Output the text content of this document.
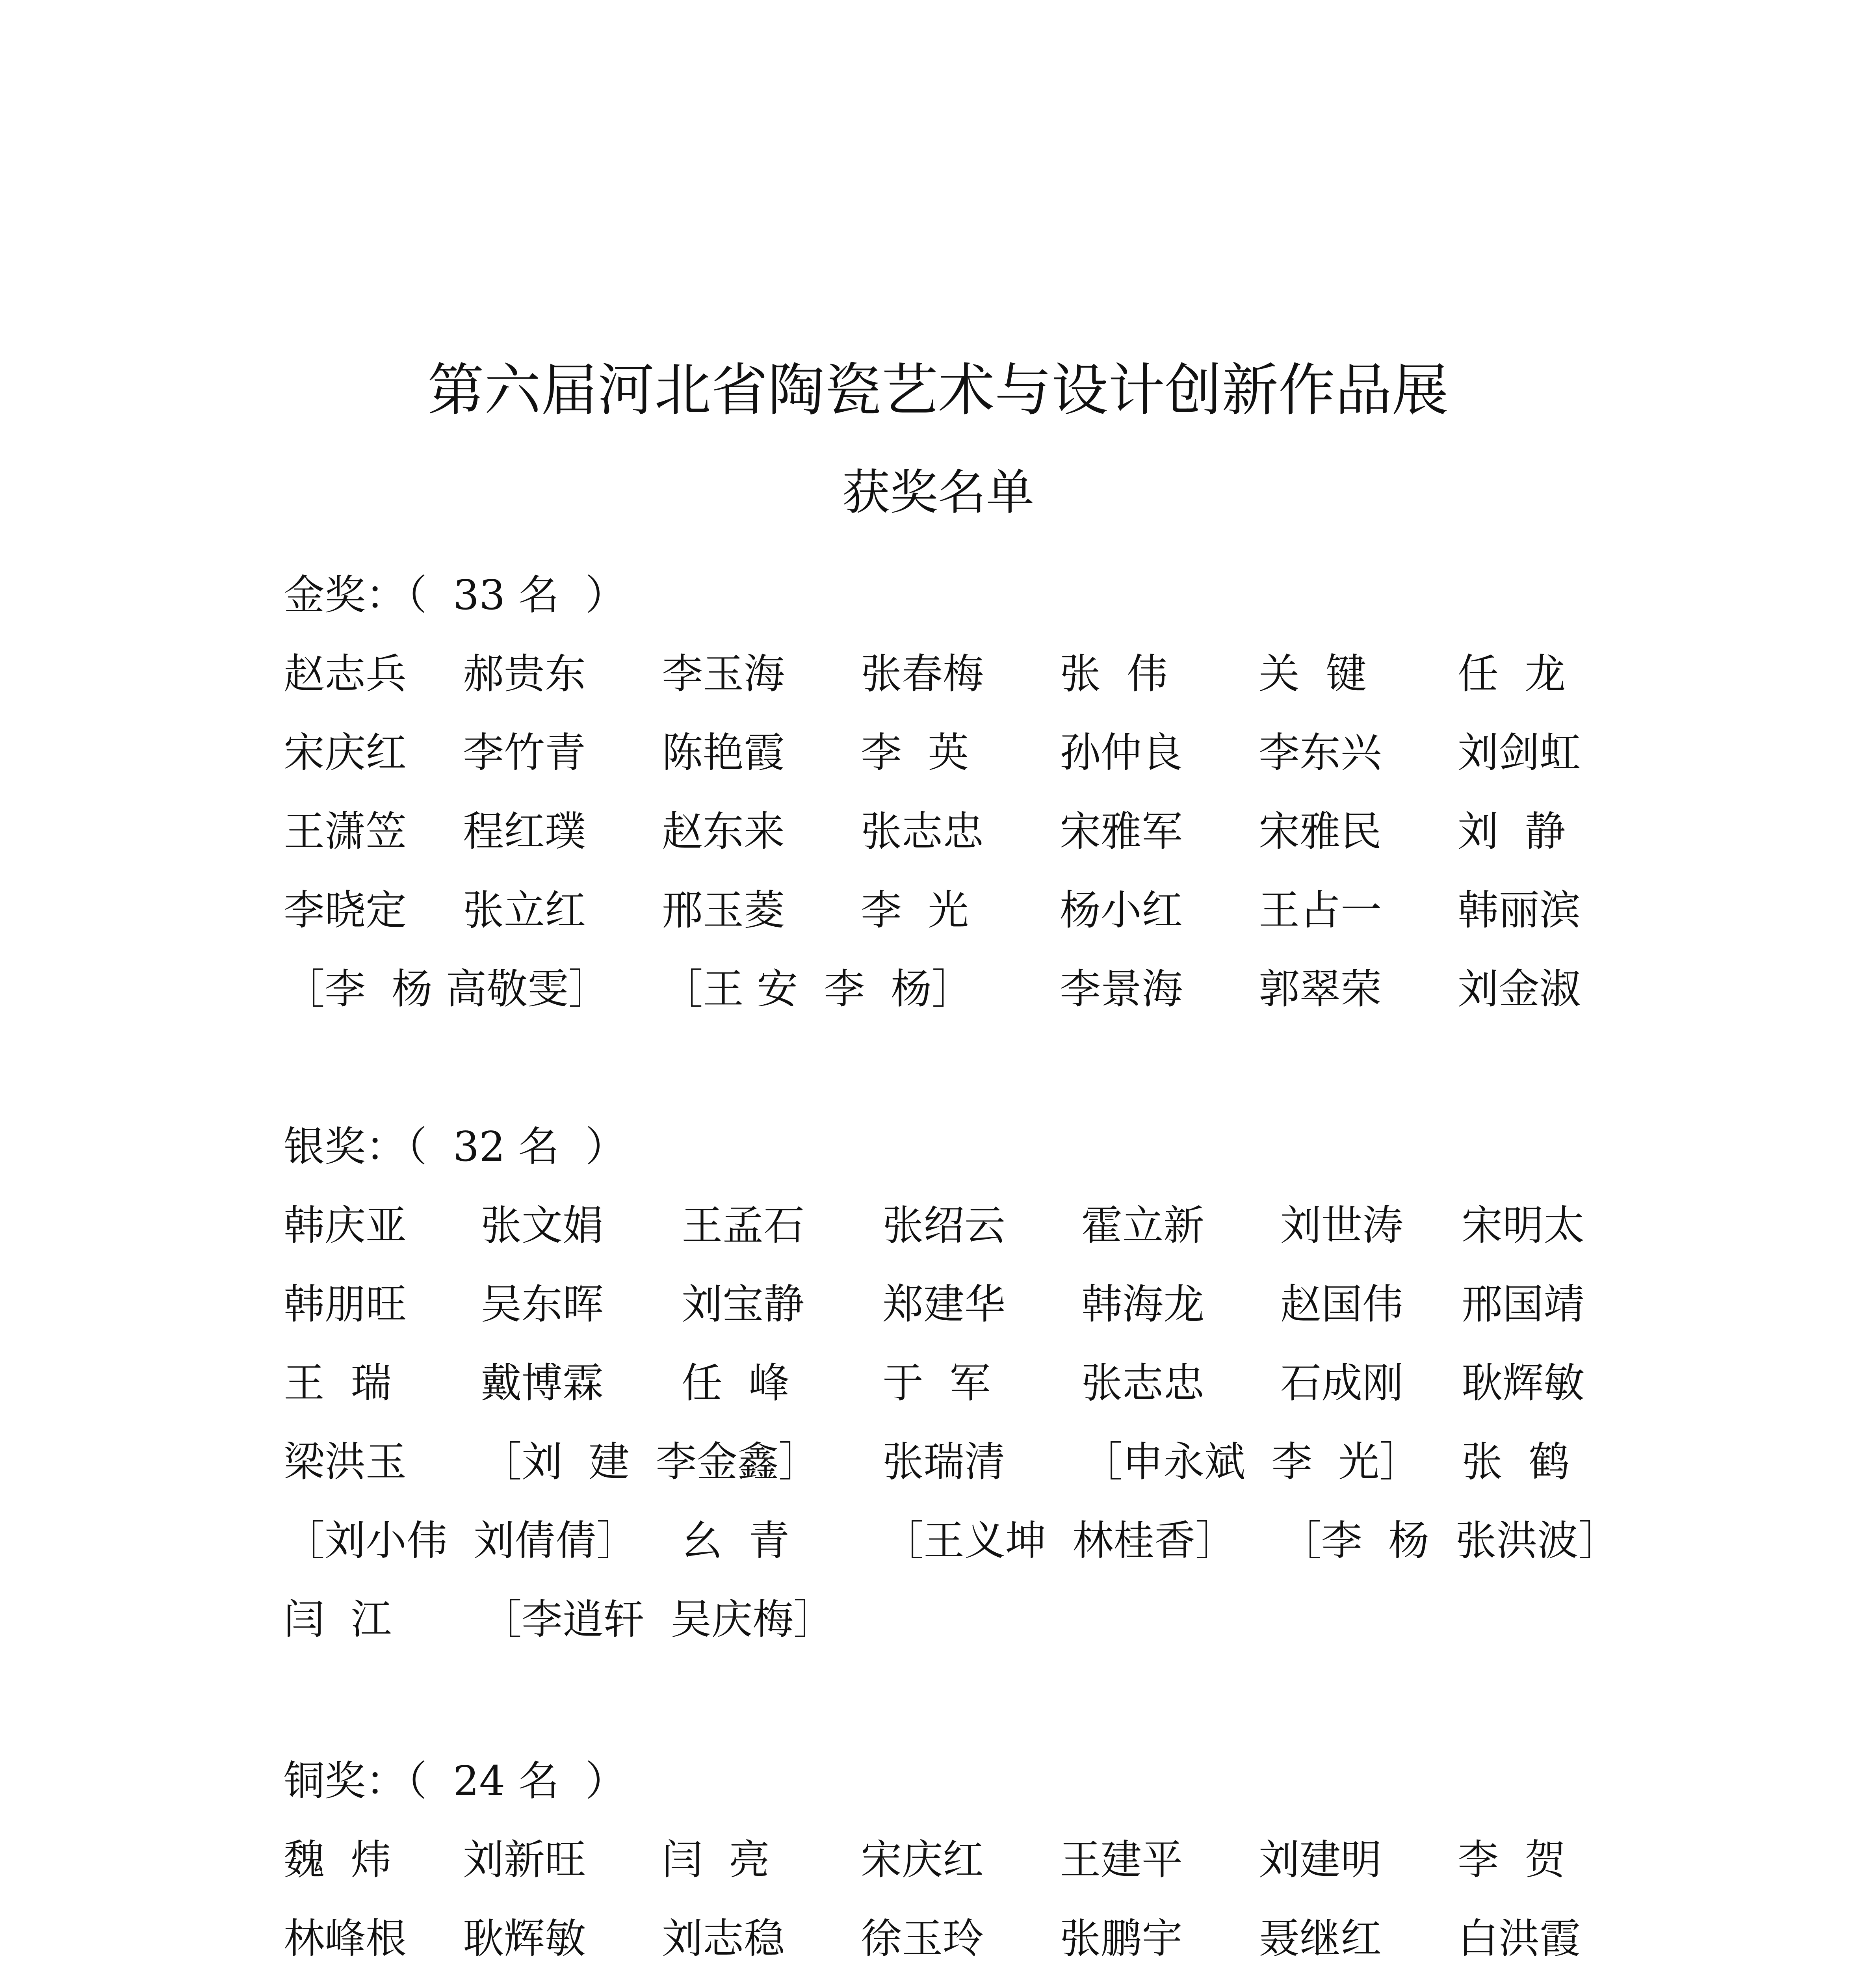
第六届河北省陶瓷艺术与设计创新作品展
获奖名单
金奖：（  33 名  ）
赵志兵 郝贵东 李玉海 张春梅 张  伟 关  键 任  龙
宋庆红 李竹青 陈艳霞 李  英 孙仲良 李东兴 刘剑虹
王潇笠 程红璞 赵东来 张志忠 宋雅军 宋雅民 刘  静
李晓定 张立红 邢玉菱 李  光 杨小红 王占一 韩丽滨
［李  杨 高敬雯］ ［王 安  李  杨］ 李景海 郭翠荣 刘金淑
银奖：（  32 名  ）
韩庆亚 张文娟 王孟石 张绍云 霍立新 刘世涛 宋明太
韩朋旺 吴东晖 刘宝静 郑建华 韩海龙 赵国伟 邢国靖
王  瑞 戴博霖 任  峰 于  军 张志忠 石成刚 耿辉敏
梁洪玉 ［刘  建  李金鑫］ 张瑞清 ［申永斌  李  光］ 张  鹤
［刘小伟  刘倩倩］ 幺  青 ［王义坤  林桂香］ ［李  杨  张洪波］
闫  江 ［李逍轩  吴庆梅］
铜奖：（  24 名  ）
魏  炜 刘新旺 闫  亮 宋庆红 王建平 刘建明 李  贺
林峰根 耿辉敏 刘志稳 徐玉玲 张鹏宇 聂继红 白洪霞
